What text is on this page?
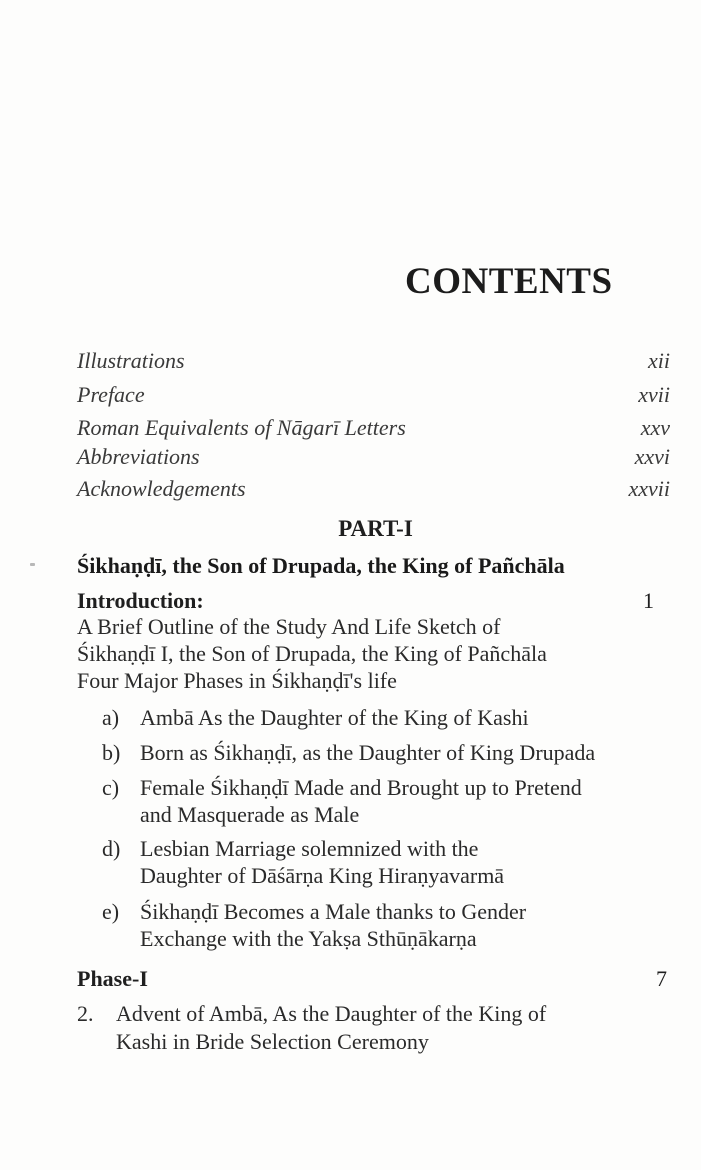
CONTENTS
Illustrations	xii
Preface	xvii
Roman Equivalents of Nāgarī Letters	xxv
Abbreviations	xxvi
Acknowledgements	xxvii
PART-I
Śikhaṇḍī, the Son of Drupada, the King of Pañchāla
Introduction:	1
A Brief Outline of the Study And Life Sketch of
Śikhaṇḍī I, the Son of Drupada, the King of Pañchāla
Four Major Phases in Śikhaṇḍī's life
a) Ambā As the Daughter of the King of Kashi
b) Born as Śikhaṇḍī, as the Daughter of King Drupada
c) Female Śikhaṇḍī Made and Brought up to Pretend
and Masquerade as Male
d) Lesbian Marriage solemnized with the
Daughter of Dāśārṇa King Hiraṇyavarmā
e) Śikhaṇḍī Becomes a Male thanks to Gender
Exchange with the Yakṣa Sthūṇākarṇa
Phase-I	7
2. Advent of Ambā, As the Daughter of the King of
Kashi in Bride Selection Ceremony
